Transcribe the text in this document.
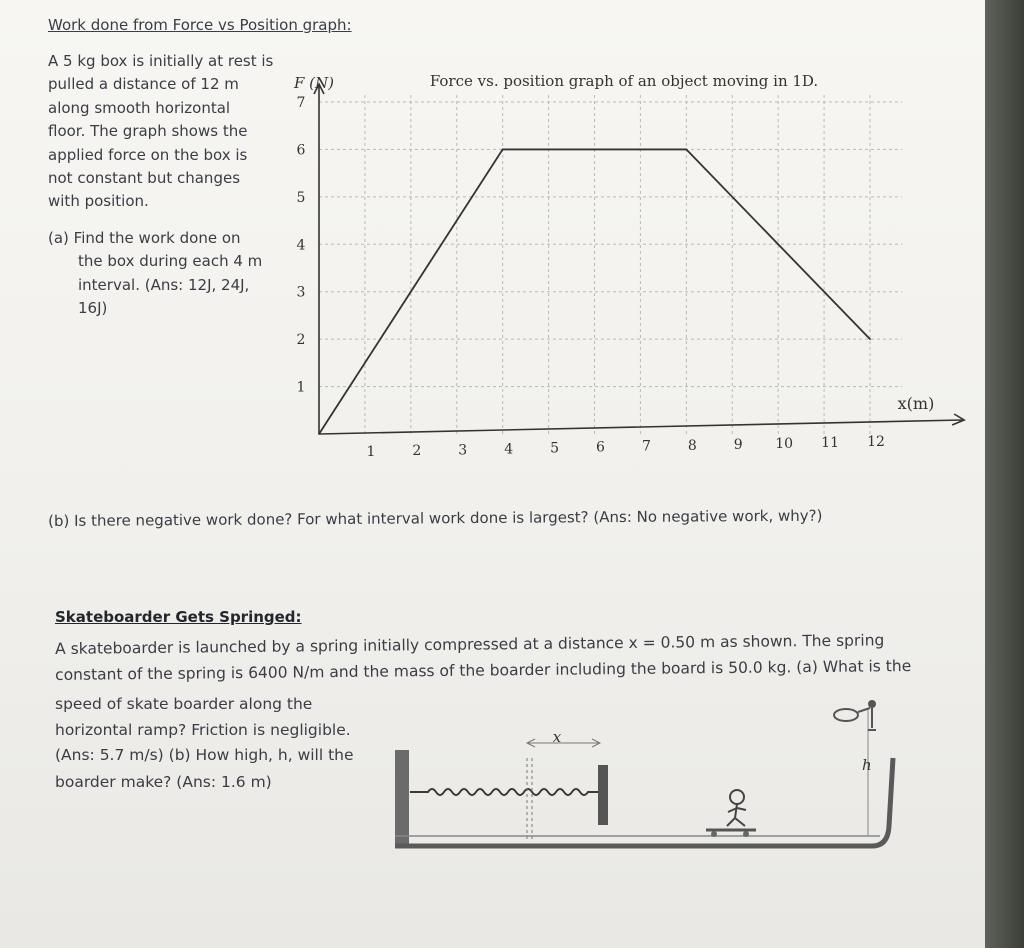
Work done from Force vs Position graph:
A 5 kg box is initially at rest is
pulled a distance of 12 m
along smooth horizontal
floor. The graph shows the
applied force on the box is
not constant but changes
with position.
(a) Find the work done on
the box during each 4 m
interval. (Ans: 12J, 24J,
16J)
1	2	3	4	5	6	7	8	9 10 11 12
1
2
3
4
5
6
7
Force vs. position graph of an object moving in 1D.
F (N)
x(m)
(b) Is there negative work done? For what interval work done is largest? (Ans: No negative work, why?)
Skateboarder Gets Springed:
A skateboarder is launched by a spring initially compressed at a distance x = 0.50 m as shown. The spring
constant of the spring is 6400 N/m and the mass of the boarder including the board is 50.0 kg. (a) What is the
speed of skate boarder along the
horizontal ramp? Friction is negligible.
(Ans: 5.7 m/s) (b) How high, h, will the
boarder make? (Ans: 1.6 m)
x
h
